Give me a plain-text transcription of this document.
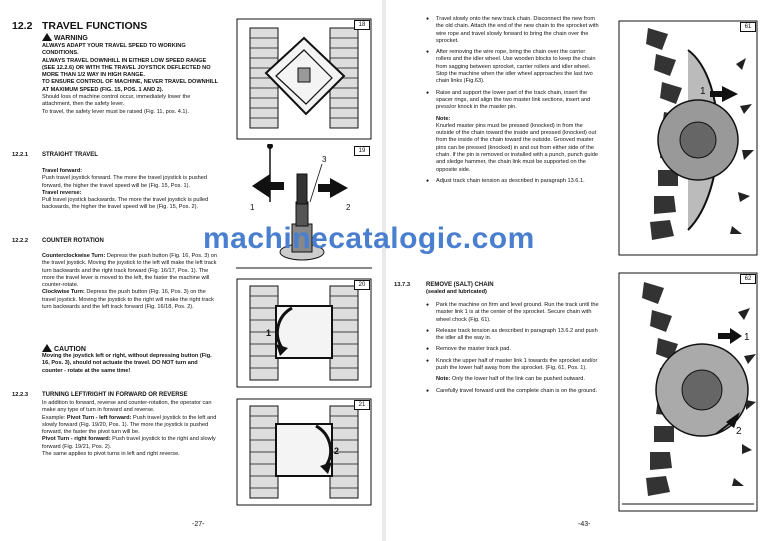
12.2 TRAVEL FUNCTIONS
WARNING

ALWAYS ADAPT YOUR TRAVEL SPEED TO WORKING CONDITIONS.

ALWAYS TRAVEL DOWNHILL IN EITHER LOW SPEED RANGE (SEE 12.2.6) OR WITH THE TRAVEL JOYSTICK DEFLECTED NO MORE THAN 1/2 WAY IN HIGH RANGE.

TO ENSURE CONTROL OF MACHINE, NEVER TRAVEL DOWNHILL AT MAXIMUM SPEED (FIG. 15, POS. 1 AND 2).

Should loss of machine control occur, immediately lower the attachment, then the safety lever.

To travel, the safety lever must be raised (Fig. 11, pos. 4.1).

12.2.1 STRAIGHT TRAVEL

Travel forward:

Push travel joystick forward. The more the travel joystick is pushed forward, the higher the travel speed will be (Fig. 15, Pos. 1).

Travel reverse:

Pull travel joystick backwards. The more the travel joystick is pulled backwards, the higher the travel speed will be (Fig. 15, Pos. 2).

12.2.2 COUNTER ROTATION

Counterclockwise Turn: Depress the push button (Fig. 16, Pos. 3) on the travel joystick. Moving the joystick to the left will make the left track turn backwards and the right track forward (Fig. 16/17, Pos. 1). The more the travel lever is moved to the left, the faster the machine will counter-rotate.

Clockwise Turn: Depress the push button (Fig. 16, Pos. 3) on the travel joystick. Moving the joystick to the right will make the right track turn backwards and the left track forward (Fig. 16/18, Pos. 2).

CAUTION
Moving the joystick left or right, without depressing button (Fig. 16, Pos. 3), should not actuate the travel. DO NOT turn and counter - rotate at the same time!
12.2.3 TURNING LEFT/RIGHT IN FORWARD OR REVERSE

In addition to forward, reverse and counter-rotation, the operator can make any type of turn in forward and reverse.

Example: Pivot Turn - left forward: Push travel joystick to the left and slowly forward (Fig. 19/20, Pos. 1). The more the joystick is pushed forward, the faster the pivot turn will be.

Pivot Turn - right forward: Push travel joystick to the right and slowly forward (Fig. 19/21, Pos. 2).

The same applies to pivot turns in left and right reverse.

18
1	2
3
19
1
20
2
21
-27-
● Travel slowly onto the new track chain. Disconnect the new from the old chain. Attach the end of the new chain to the sprocket with wire rope and travel slowly forward to bring the chain over the sprocket.
● After removing the wire rope, bring the chain over the carrier rollers and the idler wheel. Use wooden blocks to keep the chain from sagging between sprocket, carrier rollers and idler wheel. Stop the machine when the idler wheel approaches the last two chain links (Fig.63).
● Raise and support the lower part of the track chain, insert the spacer rings, and align the two master link sections, insert and press/or knock in the master pin.

Note:

Knurled master pins must be pressed (knocked) in from the outside of the chain toward the inside and pressed (knocked) out from the inside of the chain toward the outside. Grooved master pins can be pressed (knocked) in and out from either side of the chain. If the pin is removed or installed with a punch, punch guide and sledge hammer, the chain link must be supported on the opposite side.

● Adjust track chain tension as described in paragraph 13.6.1.
13.7.3	REMOVE (SALT) CHAIN
(sealed and lubricated)
● Park the machine on firm and level ground. Run the track until the master link 1 is at the center of the sprocket. Secure chain with wheel chock (Fig. 61).
● Release track tension as described in paragraph 13.6.2 and push the idler all the way in.
● Remove the master track pad.
● Knock the upper half of master link 1 towards the sprocket and/or push the lower half away from the sprocket. (Fig. 61, Pos. 1).

Note: Only the lower half of the link can be pushed outward.

● Carefully travel forward until the complete chain is on the ground.
1
61
1
2
62
-43-
machinecatalogic.com
